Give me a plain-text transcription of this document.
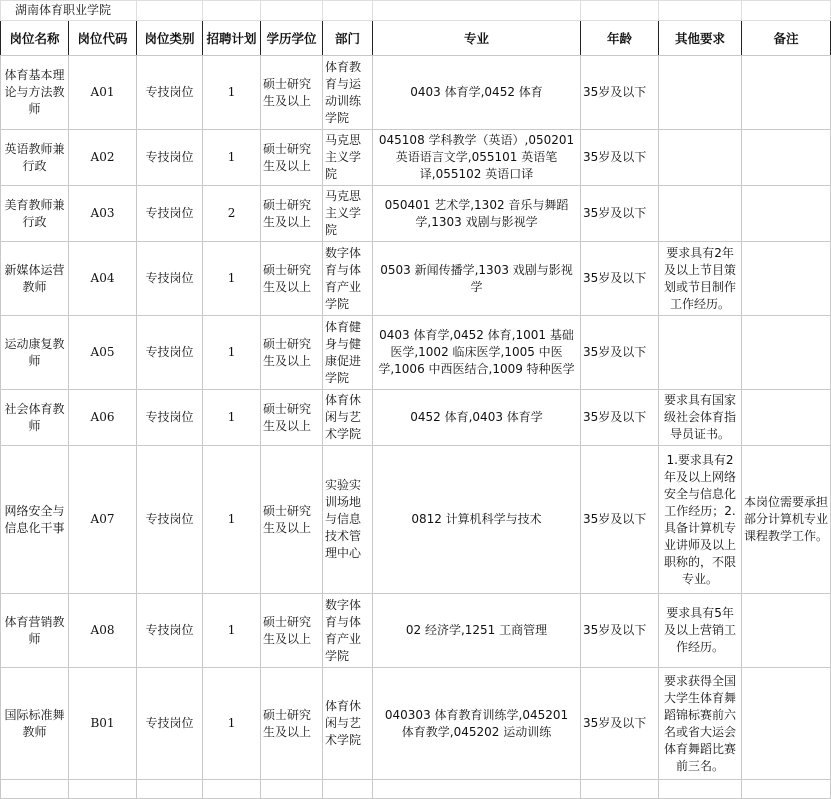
湖南体育职业学院									
岗位名称	岗位代码	岗位类别	招聘计划	学历学位	部门	专业	年龄	其他要求	备注
体育基本理论与方法教师	A01	专技岗位	1	硕士研究生及以上	体育教育与运动训练学院	0403 体育学,0452 体育	35岁及以下		
英语教师兼行政	A02	专技岗位	1	硕士研究生及以上	马克思主义学院	045108 学科教学（英语）,050201 英语语言文学,055101 英语笔译,055102 英语口译	35岁及以下		
美育教师兼行政	A03	专技岗位	2	硕士研究生及以上	马克思主义学院	050401 艺术学,1302 音乐与舞蹈学,1303 戏剧与影视学	35岁及以下		
新媒体运营教师	A04	专技岗位	1	硕士研究生及以上	数字体育与体育产业学院	0503 新闻传播学,1303 戏剧与影视学	35岁及以下	要求具有2年及以上节目策划或节目制作工作经历。	
运动康复教师	A05	专技岗位	1	硕士研究生及以上	体育健身与健康促进学院	0403 体育学,0452 体育,1001 基础医学,1002 临床医学,1005 中医学,1006 中西医结合,1009 特种医学	35岁及以下		
社会体育教师	A06	专技岗位	1	硕士研究生及以上	体育休闲与艺术学院	0452 体育,0403 体育学	35岁及以下	要求具有国家级社会体育指导员证书。	
网络安全与信息化干事	A07	专技岗位	1	硕士研究生及以上	实验实训场地与信息技术管理中心	0812 计算机科学与技术	35岁及以下	1.要求具有2年及以上网络安全与信息化工作经历；2.具备计算机专业讲师及以上职称的，不限专业。	本岗位需要承担部分计算机专业课程教学工作。
体育营销教师	A08	专技岗位	1	硕士研究生及以上	数字体育与体育产业学院	02 经济学,1251 工商管理	35岁及以下	要求具有5年及以上营销工作经历。	
国际标准舞教师	B01	专技岗位	1	硕士研究生及以上	体育休闲与艺术学院	040303 体育教育训练学,045201 体育教学,045202 运动训练	35岁及以下	要求获得全国大学生体育舞蹈锦标赛前六名或省大运会体育舞蹈比赛前三名。	
